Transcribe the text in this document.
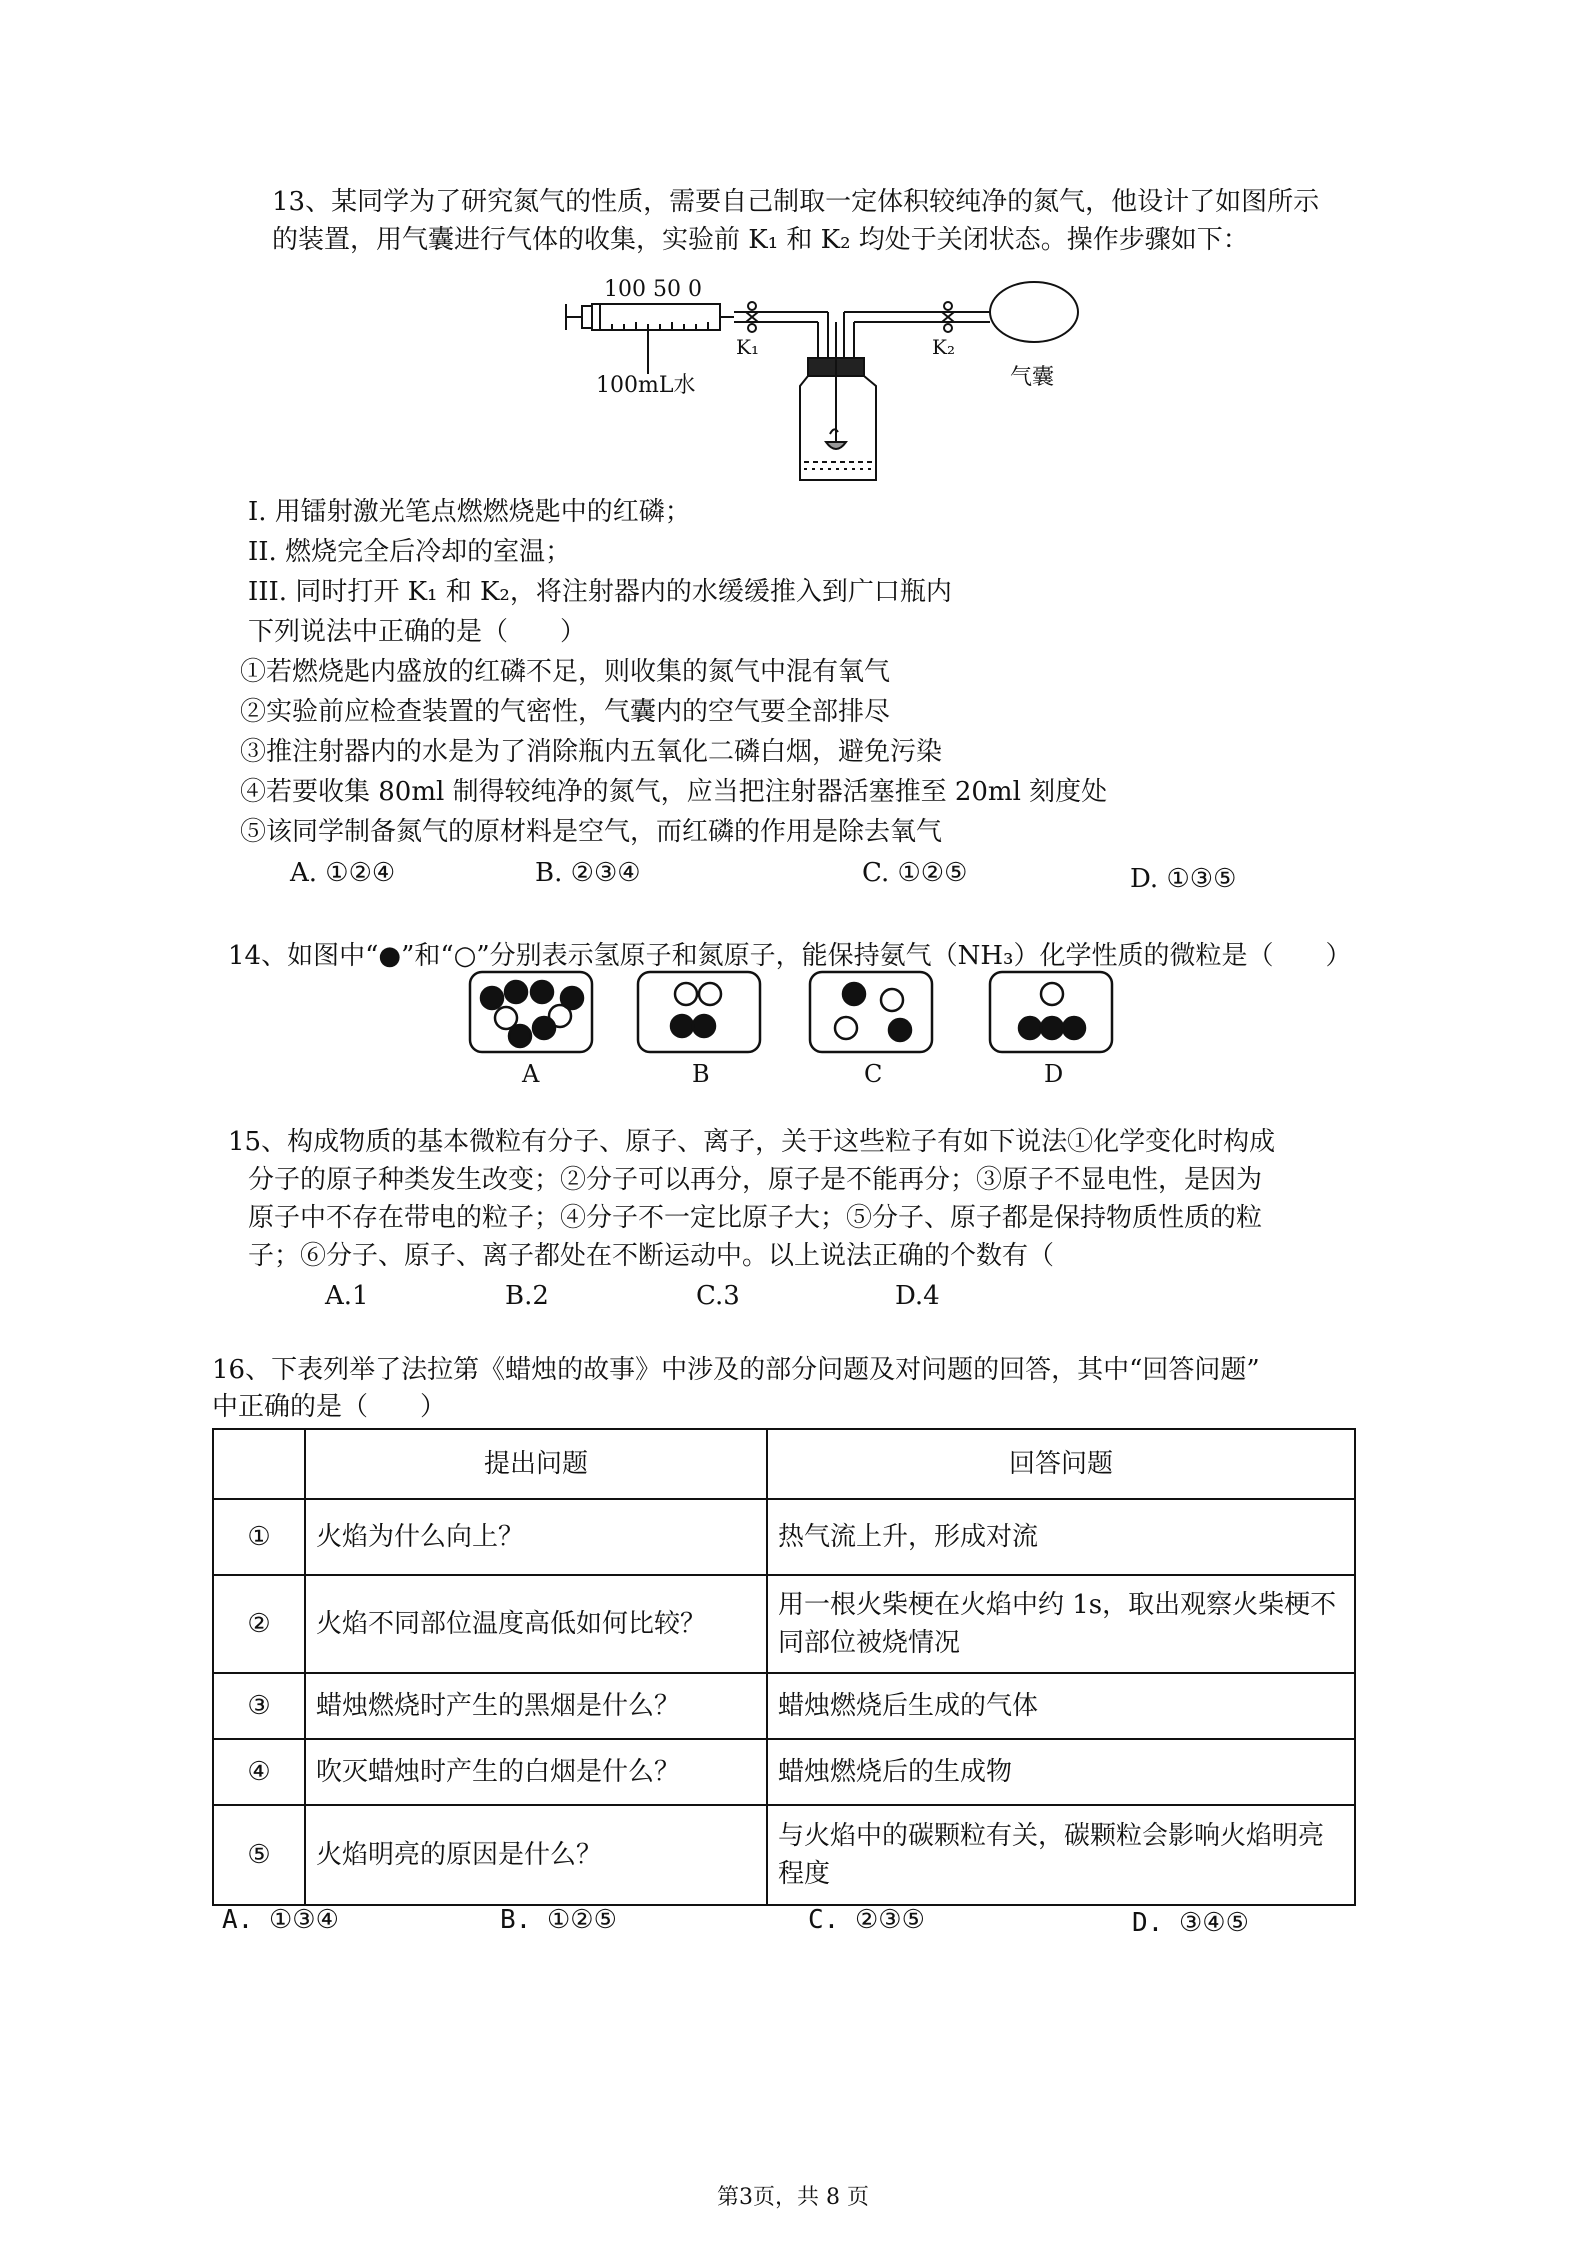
13、某同学为了研究氮气的性质，需要自己制取一定体积较纯净的氮气，他设计了如图所示
的装置，用气囊进行气体的收集，实验前 K₁ 和 K₂ 均处于关闭状态。操作步骤如下：
100 50 0
100mL水
K₁	K₂
气囊
I. 用镭射激光笔点燃燃烧匙中的红磷；
II. 燃烧完全后冷却的室温；
III. 同时打开 K₁ 和 K₂，将注射器内的水缓缓推入到广口瓶内
下列说法中正确的是（　　）
①若燃烧匙内盛放的红磷不足，则收集的氮气中混有氧气
②实验前应检查装置的气密性，气囊内的空气要全部排尽
③推注射器内的水是为了消除瓶内五氧化二磷白烟，避免污染
④若要收集 80ml 制得较纯净的氮气，应当把注射器活塞推至 20ml 刻度处
⑤该同学制备氮气的原材料是空气，而红磷的作用是除去氧气
A. ①②④	B. ②③④	C. ①②⑤	D. ①③⑤
14、如图中“●”和“○”分别表示氢原子和氮原子，能保持氨气（NH₃）化学性质的微粒是（　　）
A	B	C	D
15、构成物质的基本微粒有分子、原子、离子，关于这些粒子有如下说法①化学变化时构成
分子的原子种类发生改变；②分子可以再分，原子是不能再分；③原子不显电性，是因为
原子中不存在带电的粒子；④分子不一定比原子大；⑤分子、原子都是保持物质性质的粒
子；⑥分子、原子、离子都处在不断运动中。以上说法正确的个数有（
A.1	B.2	C.3	D.4
16、下表列举了法拉第《蜡烛的故事》中涉及的部分问题及对问题的回答，其中“回答问题”
中正确的是（　　）
	提出问题	回答问题
①	火焰为什么向上？	热气流上升，形成对流
②	火焰不同部位温度高低如何比较？	用一根火柴梗在火焰中约 1s，取出观察火柴梗不同部位被烧情况
③	蜡烛燃烧时产生的黑烟是什么？	蜡烛燃烧后生成的气体
④	吹灭蜡烛时产生的白烟是什么？	蜡烛燃烧后的生成物
⑤	火焰明亮的原因是什么？	与火焰中的碳颗粒有关，碳颗粒会影响火焰明亮程度
A. ①③④	B. ①②⑤	C. ②③⑤	D. ③④⑤
第3页，共 8 页
